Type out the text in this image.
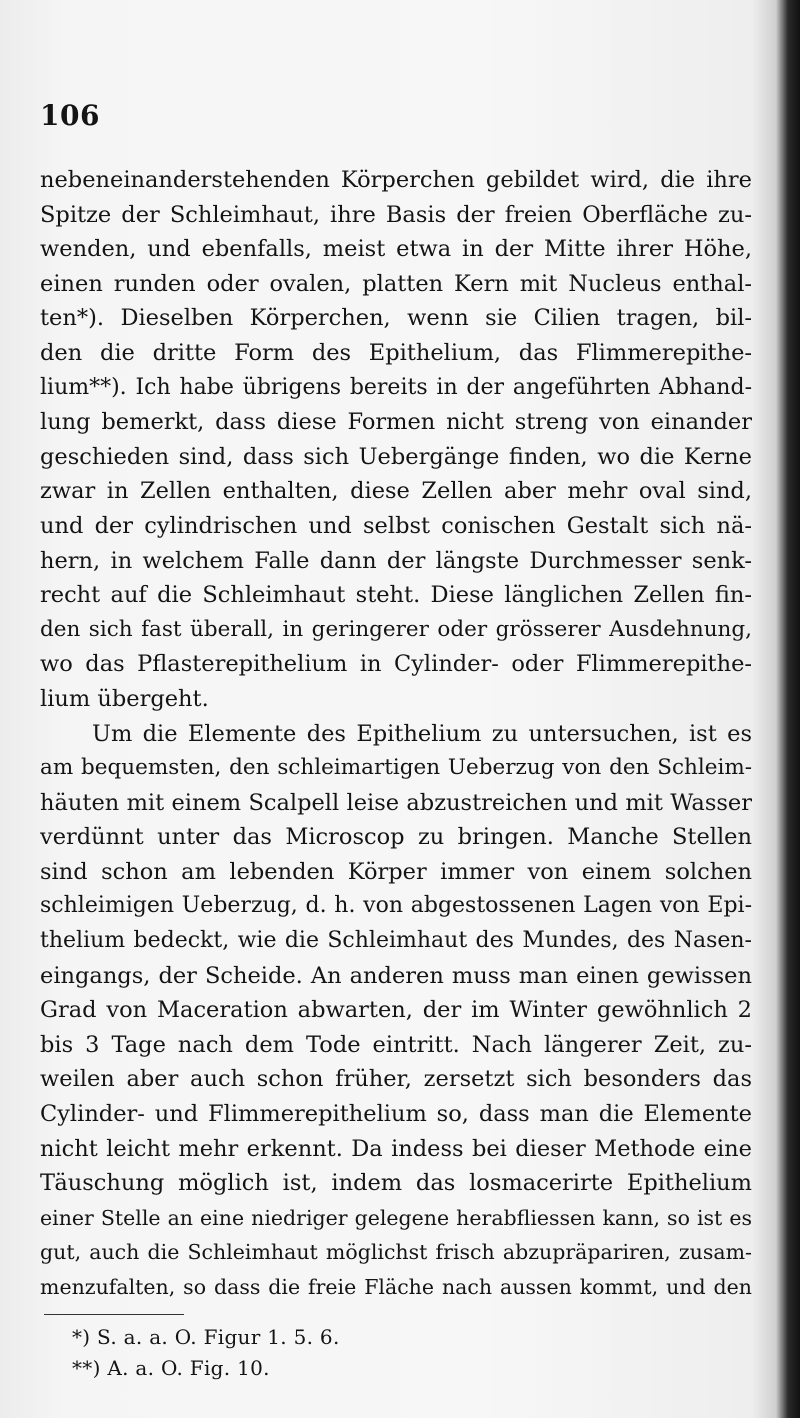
106
nebeneinanderstehenden Körperchen gebildet wird, die ihre
Spitze der Schleimhaut, ihre Basis der freien Oberfläche zu-
wenden, und ebenfalls, meist etwa in der Mitte ihrer Höhe,
einen runden oder ovalen, platten Kern mit Nucleus enthal-
ten*). Dieselben Körperchen, wenn sie Cilien tragen, bil-
den die dritte Form des Epithelium, das Flimmerepithe-
lium**). Ich habe übrigens bereits in der angeführten Abhand-
lung bemerkt, dass diese Formen nicht streng von einander
geschieden sind, dass sich Uebergänge finden, wo die Kerne
zwar in Zellen enthalten, diese Zellen aber mehr oval sind,
und der cylindrischen und selbst conischen Gestalt sich nä-
hern, in welchem Falle dann der längste Durchmesser senk-
recht auf die Schleimhaut steht. Diese länglichen Zellen fin-
den sich fast überall, in geringerer oder grösserer Ausdehnung,
wo das Pflasterepithelium in Cylinder- oder Flimmerepithe-
lium übergeht.
Um die Elemente des Epithelium zu untersuchen, ist es
am bequemsten, den schleimartigen Ueberzug von den Schleim-
häuten mit einem Scalpell leise abzustreichen und mit Wasser
verdünnt unter das Microscop zu bringen. Manche Stellen
sind schon am lebenden Körper immer von einem solchen
schleimigen Ueberzug, d. h. von abgestossenen Lagen von Epi-
thelium bedeckt, wie die Schleimhaut des Mundes, des Nasen-
eingangs, der Scheide. An anderen muss man einen gewissen
Grad von Maceration abwarten, der im Winter gewöhnlich 2
bis 3 Tage nach dem Tode eintritt. Nach längerer Zeit, zu-
weilen aber auch schon früher, zersetzt sich besonders das
Cylinder- und Flimmerepithelium so, dass man die Elemente
nicht leicht mehr erkennt. Da indess bei dieser Methode eine
Täuschung möglich ist, indem das losmacerirte Epithelium
einer Stelle an eine niedriger gelegene herabfliessen kann, so ist es
gut, auch die Schleimhaut möglichst frisch abzupräpariren, zusam-
menzufalten, so dass die freie Fläche nach aussen kommt, und den
*) S. a. a. O. Figur 1. 5. 6.
**) A. a. O. Fig. 10.
